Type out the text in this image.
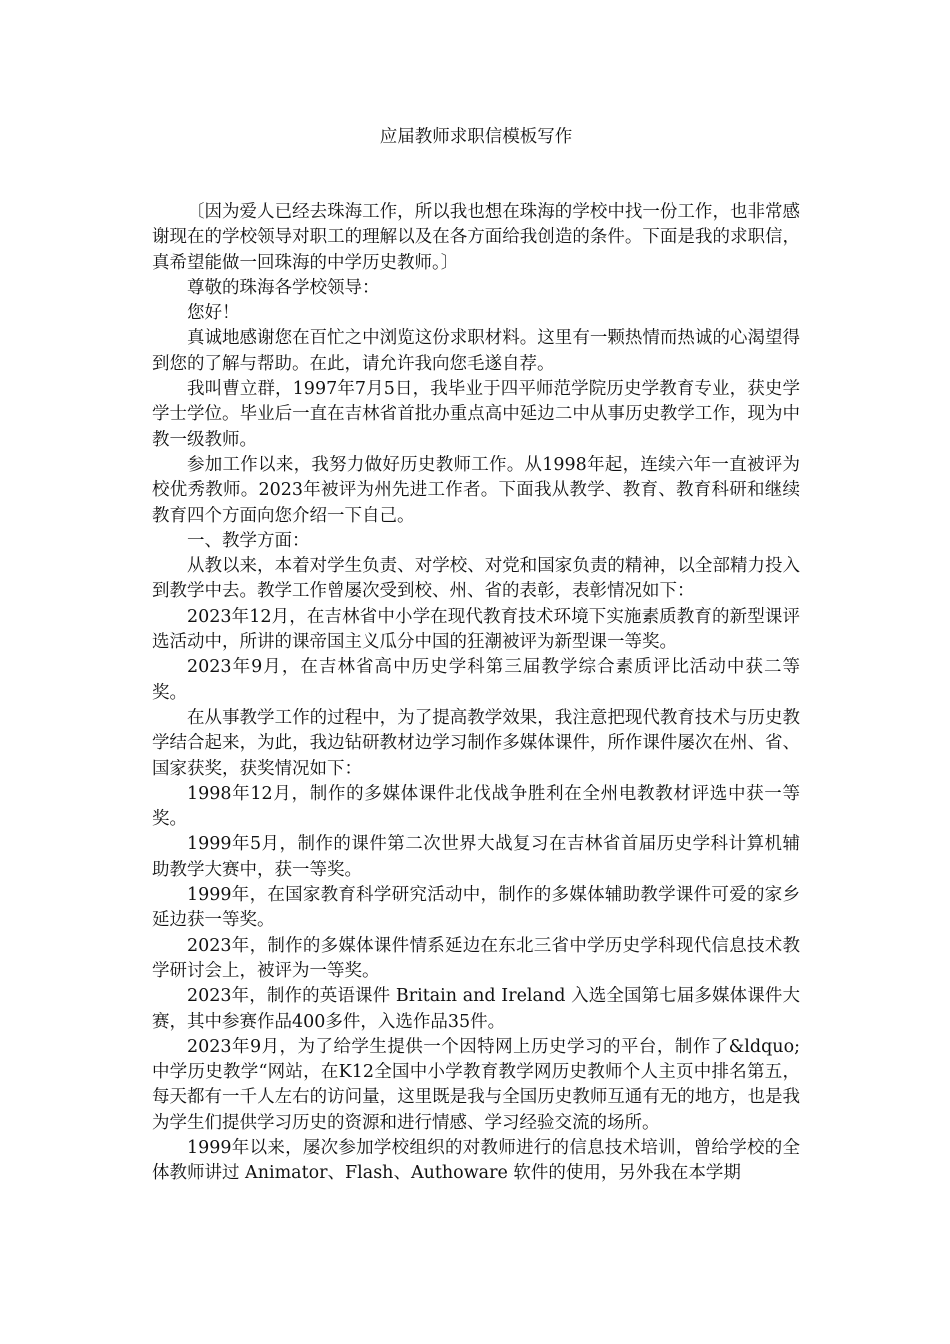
应届教师求职信模板写作

〔因为爱人已经去珠海工作，所以我也想在珠海的学校中找一份工作，也非常感谢现在的学校领导对职工的理解以及在各方面给我创造的条件。下面是我的求职信，真希望能做一回珠海的中学历史教师。〕

尊敬的珠海各学校领导：

您好！

真诚地感谢您在百忙之中浏览这份求职材料。这里有一颗热情而热诚的心渴望得到您的了解与帮助。在此，请允许我向您毛遂自荐。

我叫曹立群，1997年7月5日，我毕业于四平师范学院历史学教育专业，获史学学士学位。毕业后一直在吉林省首批办重点高中延边二中从事历史教学工作，现为中教一级教师。

参加工作以来，我努力做好历史教师工作。从1998年起，连续六年一直被评为校优秀教师。2023年被评为州先进工作者。下面我从教学、教育、教育科研和继续教育四个方面向您介绍一下自己。

一、教学方面：

从教以来，本着对学生负责、对学校、对党和国家负责的精神，以全部精力投入到教学中去。教学工作曾屡次受到校、州、省的表彰，表彰情况如下：

2023年12月，在吉林省中小学在现代教育技术环境下实施素质教育的新型课评选活动中，所讲的课帝国主义瓜分中国的狂潮被评为新型课一等奖。

2023年9月，在吉林省高中历史学科第三届教学综合素质评比活动中获二等奖。

在从事教学工作的过程中，为了提高教学效果，我注意把现代教育技术与历史教学结合起来，为此，我边钻研教材边学习制作多媒体课件，所作课件屡次在州、省、国家获奖，获奖情况如下：

1998年12月，制作的多媒体课件北伐战争胜利在全州电教教材评选中获一等奖。

1999年5月，制作的课件第二次世界大战复习在吉林省首届历史学科计算机辅助教学大赛中，获一等奖。

1999年，在国家教育科学研究活动中，制作的多媒体辅助教学课件可爱的家乡延边获一等奖。

2023年，制作的多媒体课件情系延边在东北三省中学历史学科现代信息技术教学研讨会上，被评为一等奖。

2023年，制作的英语课件 Britain and Ireland 入选全国第七届多媒体课件大赛，其中参赛作品400多件，入选作品35件。

2023年9月，为了给学生提供一个因特网上历史学习的平台，制作了&ldquo;中学历史教学“网站，在K12全国中小学教育教学网历史教师个人主页中排名第五，每天都有一千人左右的访问量，这里既是我与全国历史教师互通有无的地方，也是我为学生们提供学习历史的资源和进行情感、学习经验交流的场所。

1999年以来，屡次参加学校组织的对教师进行的信息技术培训，曾给学校的全体教师讲过 Animator、Flash、Authoware 软件的使用，另外我在本学期
